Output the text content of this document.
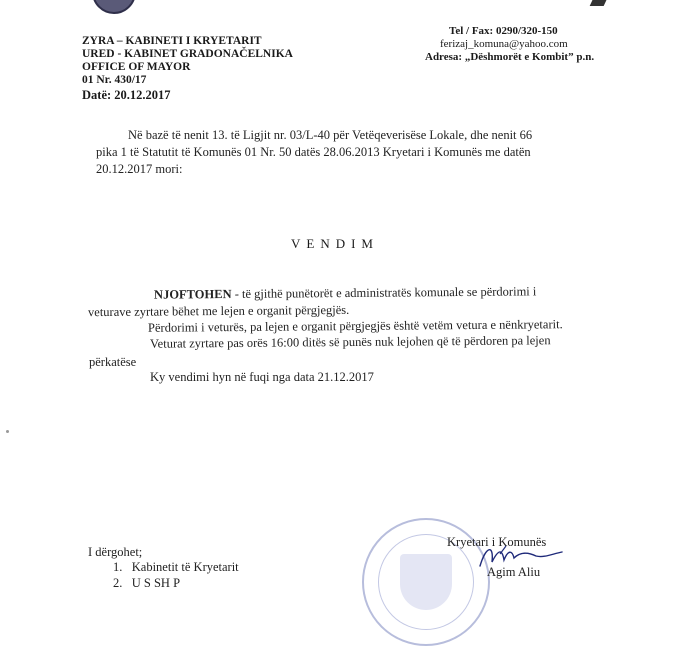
ZYRA – KABINETI I KRYETARIT
URED - KABINET GRADONAČELNIKA
OFFICE OF MAYOR
01 Nr. 430/17
Datë: 20.12.2017
Tel / Fax: 0290/320-150
ferizaj_komuna@yahoo.com
Adresa: „Dëshmorët e Kombit” p.n.
Në bazë të nenit 13. të Ligjit nr. 03/L-40 për Vetëqeverisëse Lokale, dhe nenit 66
pika 1 të Statutit të Komunës 01 Nr. 50 datës 28.06.2013 Kryetari i Komunës me datën
20.12.2017 mori:
VENDIM
NJOFTOHEN - të gjithë punëtorët e administratës komunale se përdorimi i
veturave zyrtare bëhet me lejen e organit përgjegjës.
Përdorimi i veturës, pa lejen e organit përgjegjës është vetëm vetura e nënkryetarit.
Veturat zyrtare pas orës 16:00 ditës së punës nuk lejohen që të përdoren pa lejen
përkatëse
Ky vendimi hyn në fuqi nga data 21.12.2017
Kryetari i Komunës
Agim Aliu
I dërgohet;
1. Kabinetit të Kryetarit
2. U S SH P
